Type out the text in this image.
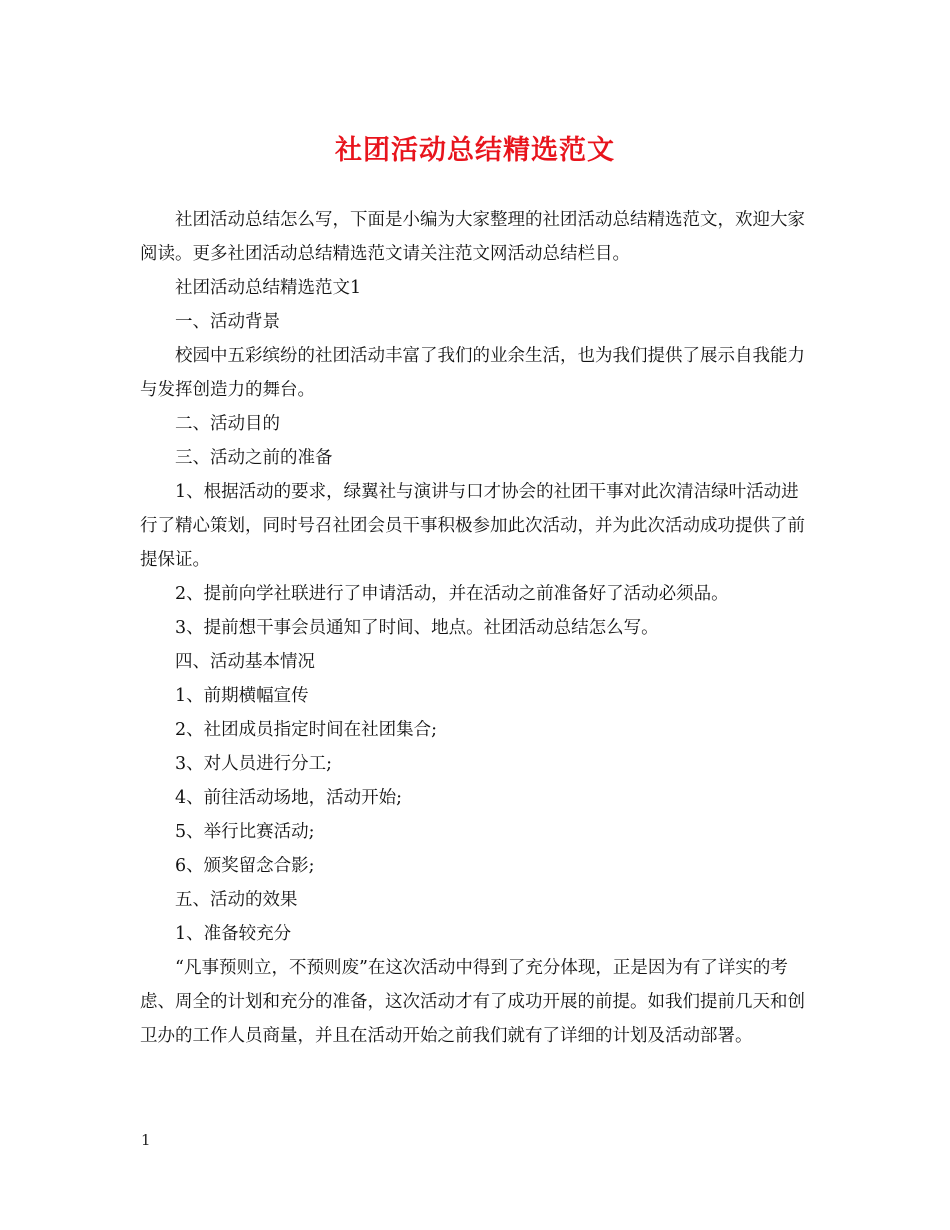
社团活动总结精选范文

社团活动总结怎么写，下面是小编为大家整理的社团活动总结精选范文，欢迎大家阅读。更多社团活动总结精选范文请关注范文网活动总结栏目。

社团活动总结精选范文1

一、活动背景

校园中五彩缤纷的社团活动丰富了我们的业余生活，也为我们提供了展示自我能力与发挥创造力的舞台。

二、活动目的

三、活动之前的准备

1、根据活动的要求，绿翼社与演讲与口才协会的社团干事对此次清洁绿叶活动进行了精心策划，同时号召社团会员干事积极参加此次活动，并为此次活动成功提供了前提保证。

2、提前向学社联进行了申请活动，并在活动之前准备好了活动必须品。

3、提前想干事会员通知了时间、地点。社团活动总结怎么写。

四、活动基本情况

1、前期横幅宣传

2、社团成员指定时间在社团集合;

3、对人员进行分工;

4、前往活动场地，活动开始;

5、举行比赛活动;

6、颁奖留念合影;

五、活动的效果

1、准备较充分

“凡事预则立，不预则废”在这次活动中得到了充分体现，正是因为有了详实的考虑、周全的计划和充分的准备，这次活动才有了成功开展的前提。如我们提前几天和创卫办的工作人员商量，并且在活动开始之前我们就有了详细的计划及活动部署。

1
